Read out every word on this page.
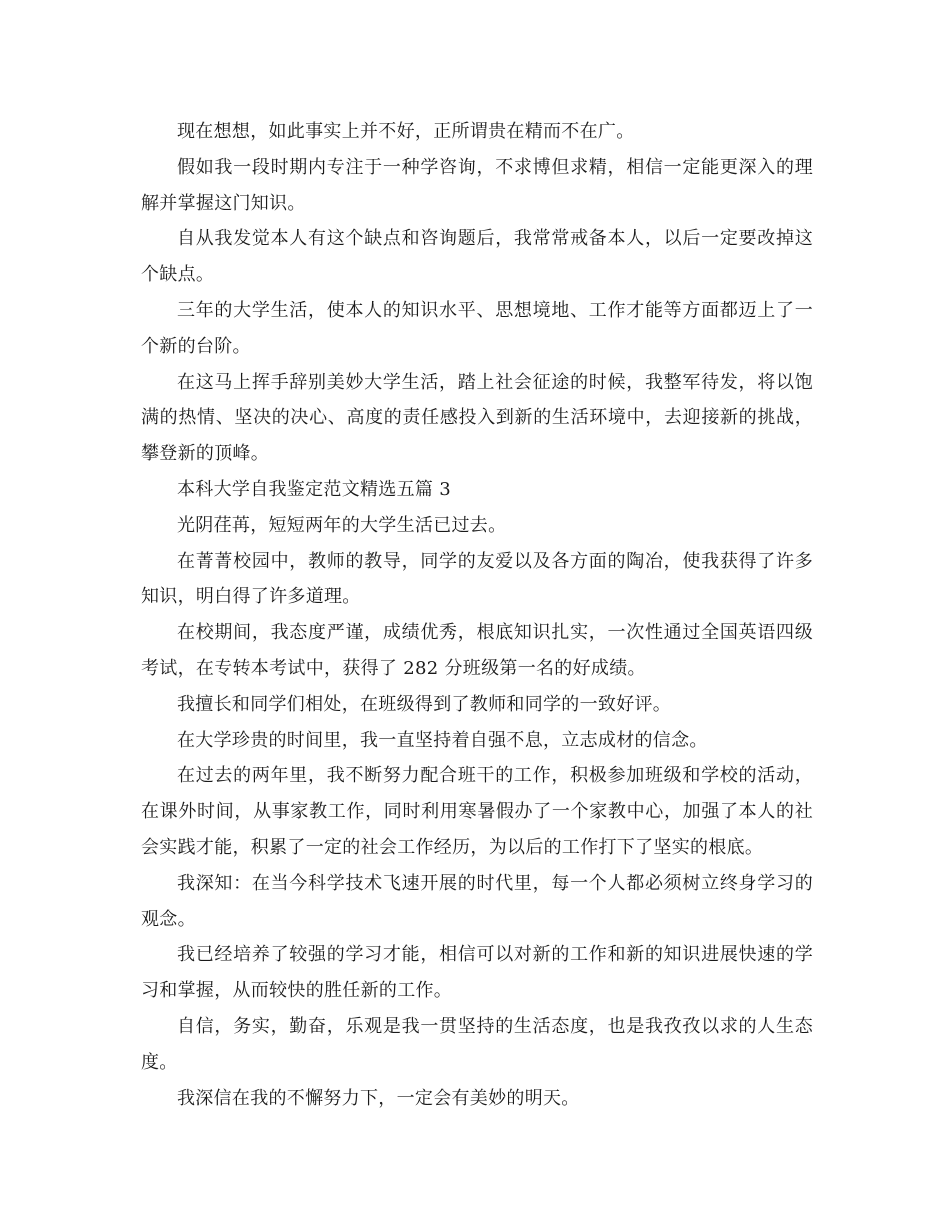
现在想想，如此事实上并不好，正所谓贵在精而不在广。

假如我一段时期内专注于一种学咨询，不求博但求精，相信一定能更深入的理解并掌握这门知识。

自从我发觉本人有这个缺点和咨询题后，我常常戒备本人，以后一定要改掉这个缺点。

三年的大学生活，使本人的知识水平、思想境地、工作才能等方面都迈上了一个新的台阶。

在这马上挥手辞别美妙大学生活，踏上社会征途的时候，我整军待发，将以饱满的热情、坚决的决心、高度的责任感投入到新的生活环境中，去迎接新的挑战，攀登新的顶峰。

本科大学自我鉴定范文精选五篇 3

光阴荏苒，短短两年的大学生活已过去。

在菁菁校园中，教师的教导，同学的友爱以及各方面的陶冶，使我获得了许多知识，明白得了许多道理。

在校期间，我态度严谨，成绩优秀，根底知识扎实，一次性通过全国英语四级考试，在专转本考试中，获得了 282 分班级第一名的好成绩。

我擅长和同学们相处，在班级得到了教师和同学的一致好评。

在大学珍贵的时间里，我一直坚持着自强不息，立志成材的信念。

在过去的两年里，我不断努力配合班干的工作，积极参加班级和学校的活动，在课外时间，从事家教工作，同时利用寒暑假办了一个家教中心，加强了本人的社会实践才能，积累了一定的社会工作经历，为以后的工作打下了坚实的根底。

我深知：在当今科学技术飞速开展的时代里，每一个人都必须树立终身学习的观念。

我已经培养了较强的学习才能，相信可以对新的工作和新的知识进展快速的学习和掌握，从而较快的胜任新的工作。

自信，务实，勤奋，乐观是我一贯坚持的生活态度，也是我孜孜以求的人生态度。

我深信在我的不懈努力下，一定会有美妙的明天。
